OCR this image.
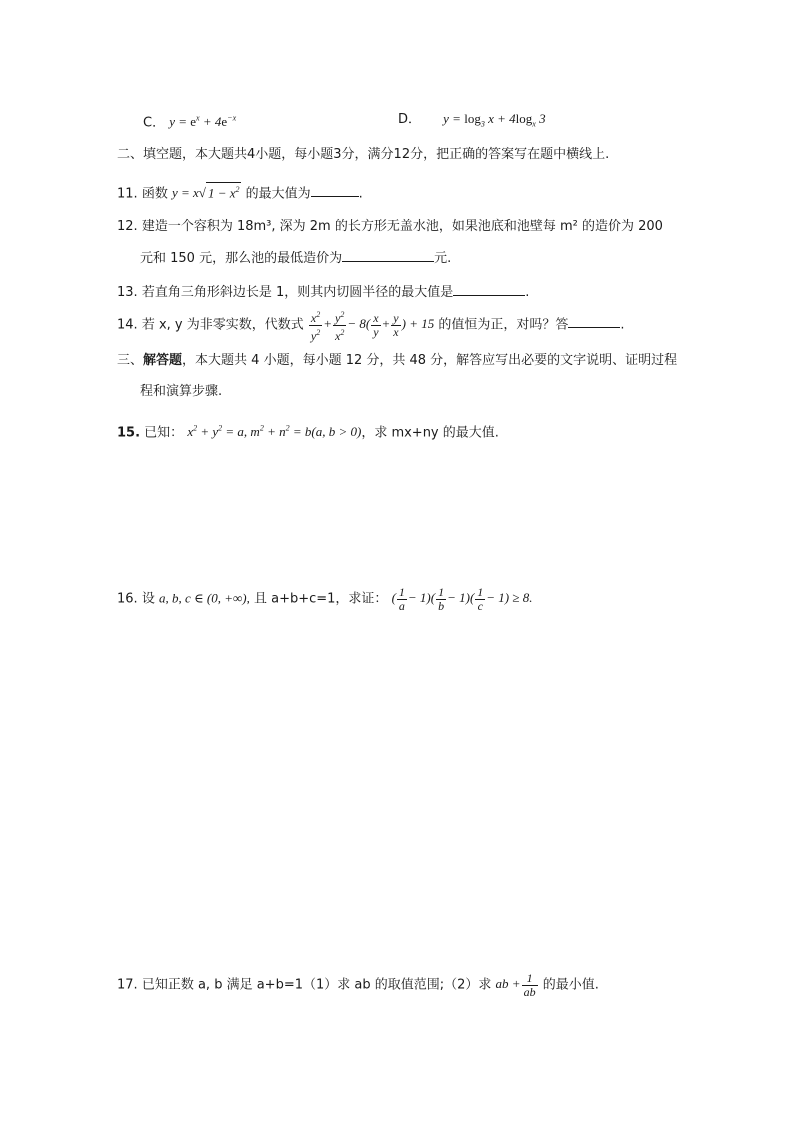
C． $y = e^x + 4e^{-x}$	D． $y = \log_3 x + 4\log_x$ 3
二、填空题，本大题共4小题，每小题3分，满分12分，把正确的答案写在题中横线上.
11. 函数 y = x√ $1 - x^2$ 的最大值为	.
12. 建造一个容积为 18m³, 深为 2m 的长方形无盖水池，如果池底和池壁每 m² 的造价为 200
元和 150 元，那么池的最低造价为	元.
13. 若直角三角形斜边长是 1，则其内切圆半径的最大值是	.
14. 若 x, y 为非零实数，代数式 $\frac{x^2}{y^2} + \frac{y^2}{x^2} - 8( \frac{x}{y} + \frac{y}{x}$ ) + 15 的值恒为正，对吗？答	.
三、解答题，本大题共 4 小题，每小题 12 分，共 48 分，解答应写出必要的文字说明、证明过程
程和演算步骤.
15. 已知： $x^2 + y^2 = a$, $m^2 + n^2 = b(a$, b > 0)，求 mx+ny 的最大值.
16. 设 a, b, c ∈ (0, +∞), 且 a+b+c=1，求证： ( $\frac{1}{a} - 1)( \frac{1}{b} - 1)( \frac{1}{c} - 1) \ge 8$.
17. 已知正数 a, b 满足 a+b=1（1）求 ab 的取值范围;（2）求 ab + $\frac{1}{ab}$ 的最小值.
